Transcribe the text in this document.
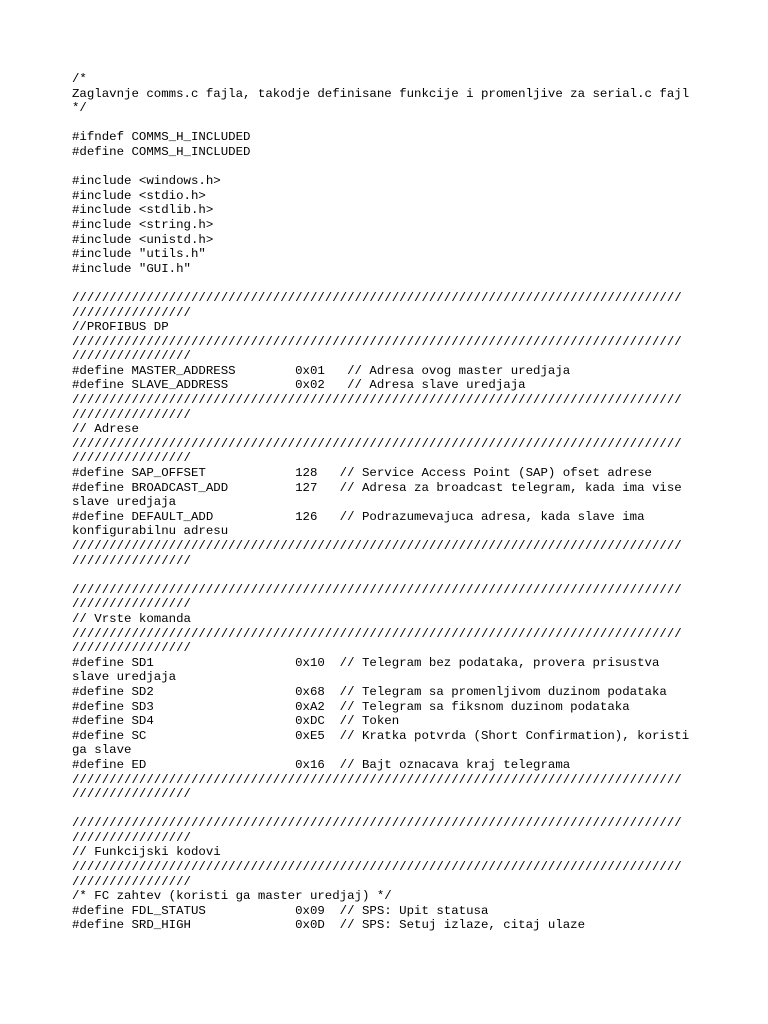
/*
Zaglavnje comms.c fajla, takodje definisane funkcije i promenljive za serial.c fajl
*/
#ifndef COMMS_H_INCLUDED
#define COMMS_H_INCLUDED
#include <windows.h>
#include <stdio.h>
#include <stdlib.h>
#include <string.h>
#include <unistd.h>
#include "utils.h"
#include "GUI.h"
//////////////////////////////////////////////////////////////////////////////////
////////////////
//PROFIBUS DP
//////////////////////////////////////////////////////////////////////////////////
////////////////
#define MASTER_ADDRESS        0x01   // Adresa ovog master uredjaja
#define SLAVE_ADDRESS         0x02   // Adresa slave uredjaja
//////////////////////////////////////////////////////////////////////////////////
////////////////
// Adrese
//////////////////////////////////////////////////////////////////////////////////
////////////////
#define SAP_OFFSET            128   // Service Access Point (SAP) ofset adrese
#define BROADCAST_ADD         127   // Adresa za broadcast telegram, kada ima vise
slave uredjaja
#define DEFAULT_ADD           126   // Podrazumevajuca adresa, kada slave ima
konfigurabilnu adresu
//////////////////////////////////////////////////////////////////////////////////
////////////////
//////////////////////////////////////////////////////////////////////////////////
////////////////
// Vrste komanda
//////////////////////////////////////////////////////////////////////////////////
////////////////
#define SD1                   0x10  // Telegram bez podataka, provera prisustva
slave uredjaja
#define SD2                   0x68  // Telegram sa promenljivom duzinom podataka
#define SD3                   0xA2  // Telegram sa fiksnom duzinom podataka
#define SD4                   0xDC  // Token
#define SC                    0xE5  // Kratka potvrda (Short Confirmation), koristi
ga slave
#define ED                    0x16  // Bajt oznacava kraj telegrama
//////////////////////////////////////////////////////////////////////////////////
////////////////
//////////////////////////////////////////////////////////////////////////////////
////////////////
// Funkcijski kodovi
//////////////////////////////////////////////////////////////////////////////////
////////////////
/* FC zahtev (koristi ga master uredjaj) */
#define FDL_STATUS            0x09  // SPS: Upit statusa
#define SRD_HIGH              0x0D  // SPS: Setuj izlaze, citaj ulaze
